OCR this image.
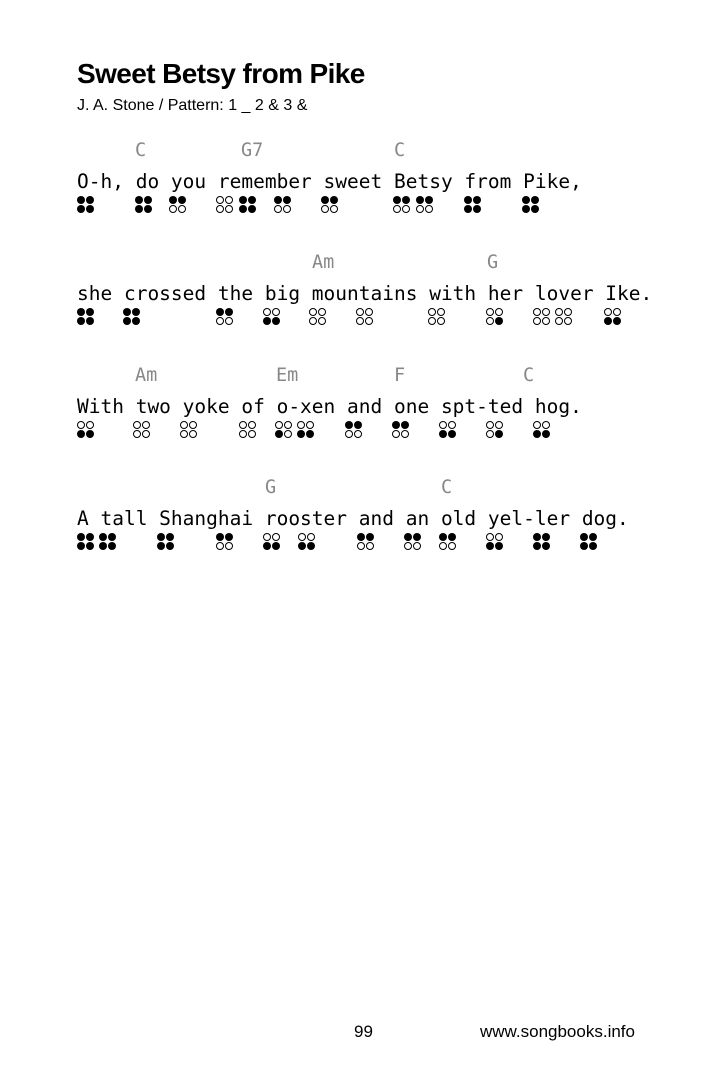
Sweet Betsy from Pike
J. A. Stone / Pattern: 1 _ 2 & 3 &
C	G7	C
O-h, do you remember sweet Betsy from Pike,
Am	G
she crossed the big mountains with her lover Ike.
Am	Em	F	C
With two yoke of o-xen and one spt-ted hog.
G	C
A tall Shanghai rooster and an old yel-ler dog.
99	www.songbooks.info
